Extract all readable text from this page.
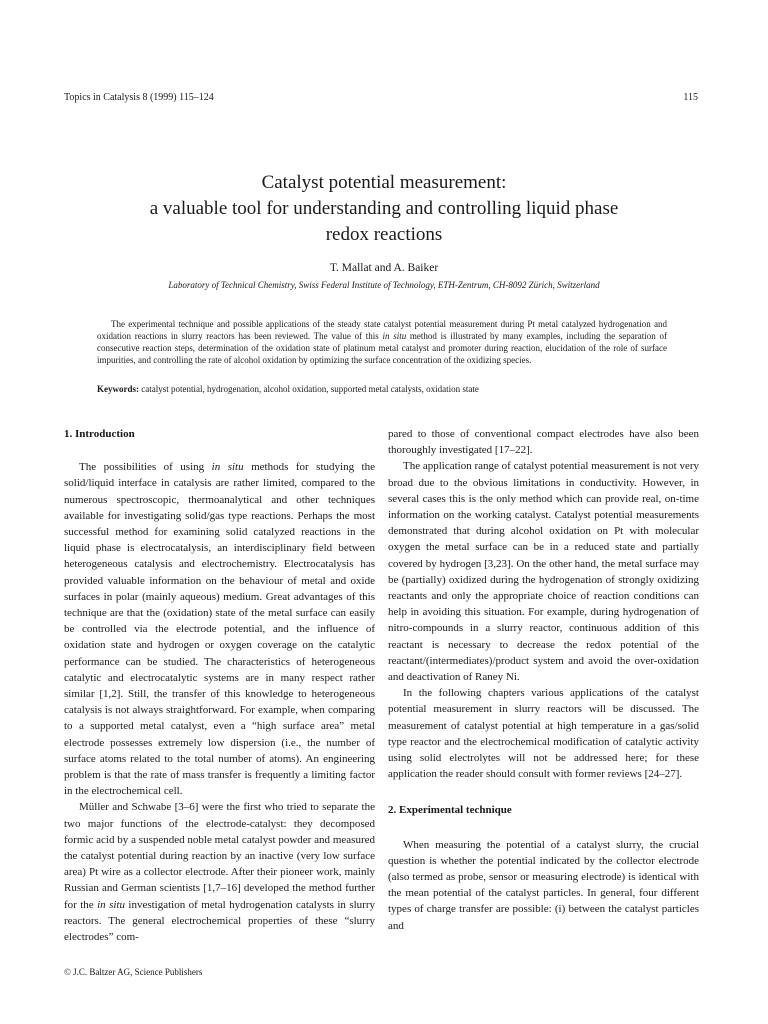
Topics in Catalysis 8 (1999) 115–124	115

Catalyst potential measurement:

a valuable tool for understanding and controlling liquid phase

redox reactions

T. Mallat and A. Baiker
Laboratory of Technical Chemistry, Swiss Federal Institute of Technology, ETH-Zentrum, CH-8092 Zürich, Switzerland

The experimental technique and possible applications of the steady state catalyst potential measurement during Pt metal catalyzed hydrogenation and oxidation reactions in slurry reactors has been reviewed. The value of this in situ method is illustrated by many examples, including the separation of consecutive reaction steps, determination of the oxidation state of platinum metal catalyst and promoter during reaction, elucidation of the role of surface impurities, and controlling the rate of alcohol oxidation by optimizing the surface concentration of the oxidizing species.

Keywords: catalyst potential, hydrogenation, alcohol oxidation, supported metal catalysts, oxidation state

1. Introduction

The possibilities of using in situ methods for studying the solid/liquid interface in catalysis are rather limited, compared to the numerous spectroscopic, thermoanalytical and other techniques available for investigating solid/gas type reactions. Perhaps the most successful method for examining solid catalyzed reactions in the liquid phase is electrocatalysis, an interdisciplinary field between heterogeneous catalysis and electrochemistry. Electrocatalysis has provided valuable information on the behaviour of metal and oxide surfaces in polar (mainly aqueous) medium. Great advantages of this technique are that the (oxidation) state of the metal surface can easily be controlled via the electrode potential, and the influence of oxidation state and hydrogen or oxygen coverage on the catalytic performance can be studied. The characteristics of heterogeneous catalytic and electrocatalytic systems are in many respect rather similar [1,2]. Still, the transfer of this knowledge to heterogeneous catalysis is not always straightforward. For example, when comparing to a supported metal catalyst, even a “high surface area” metal electrode possesses extremely low dispersion (i.e., the number of surface atoms related to the total number of atoms). An engineering problem is that the rate of mass transfer is frequently a limiting factor in the electrochemical cell.

Müller and Schwabe [3–6] were the first who tried to separate the two major functions of the electrode-catalyst: they decomposed formic acid by a suspended noble metal catalyst powder and measured the catalyst potential during reaction by an inactive (very low surface area) Pt wire as a collector electrode. After their pioneer work, mainly Russian and German scientists [1,7–16] developed the method further for the in situ investigation of metal hydrogenation catalysts in slurry reactors. The general electrochemical properties of these “slurry electrodes” com-

pared to those of conventional compact electrodes have also been thoroughly investigated [17–22].

The application range of catalyst potential measurement is not very broad due to the obvious limitations in conductivity. However, in several cases this is the only method which can provide real, on-time information on the working catalyst. Catalyst potential measurements demonstrated that during alcohol oxidation on Pt with molecular oxygen the metal surface can be in a reduced state and partially covered by hydrogen [3,23]. On the other hand, the metal surface may be (partially) oxidized during the hydrogenation of strongly oxidizing reactants and only the appropriate choice of reaction conditions can help in avoiding this situation. For example, during hydrogenation of nitro-compounds in a slurry reactor, continuous addition of this reactant is necessary to decrease the redox potential of the reactant/(intermediates)/product system and avoid the over-oxidation and deactivation of Raney Ni.

In the following chapters various applications of the catalyst potential measurement in slurry reactors will be discussed. The measurement of catalyst potential at high temperature in a gas/solid type reactor and the electrochemical modification of catalytic activity using solid electrolytes will not be addressed here; for these application the reader should consult with former reviews [24–27].

2. Experimental technique

When measuring the potential of a catalyst slurry, the crucial question is whether the potential indicated by the collector electrode (also termed as probe, sensor or measuring electrode) is identical with the mean potential of the catalyst particles. In general, four different types of charge transfer are possible: (i) between the catalyst particles and

© J.C. Baltzer AG, Science Publishers
